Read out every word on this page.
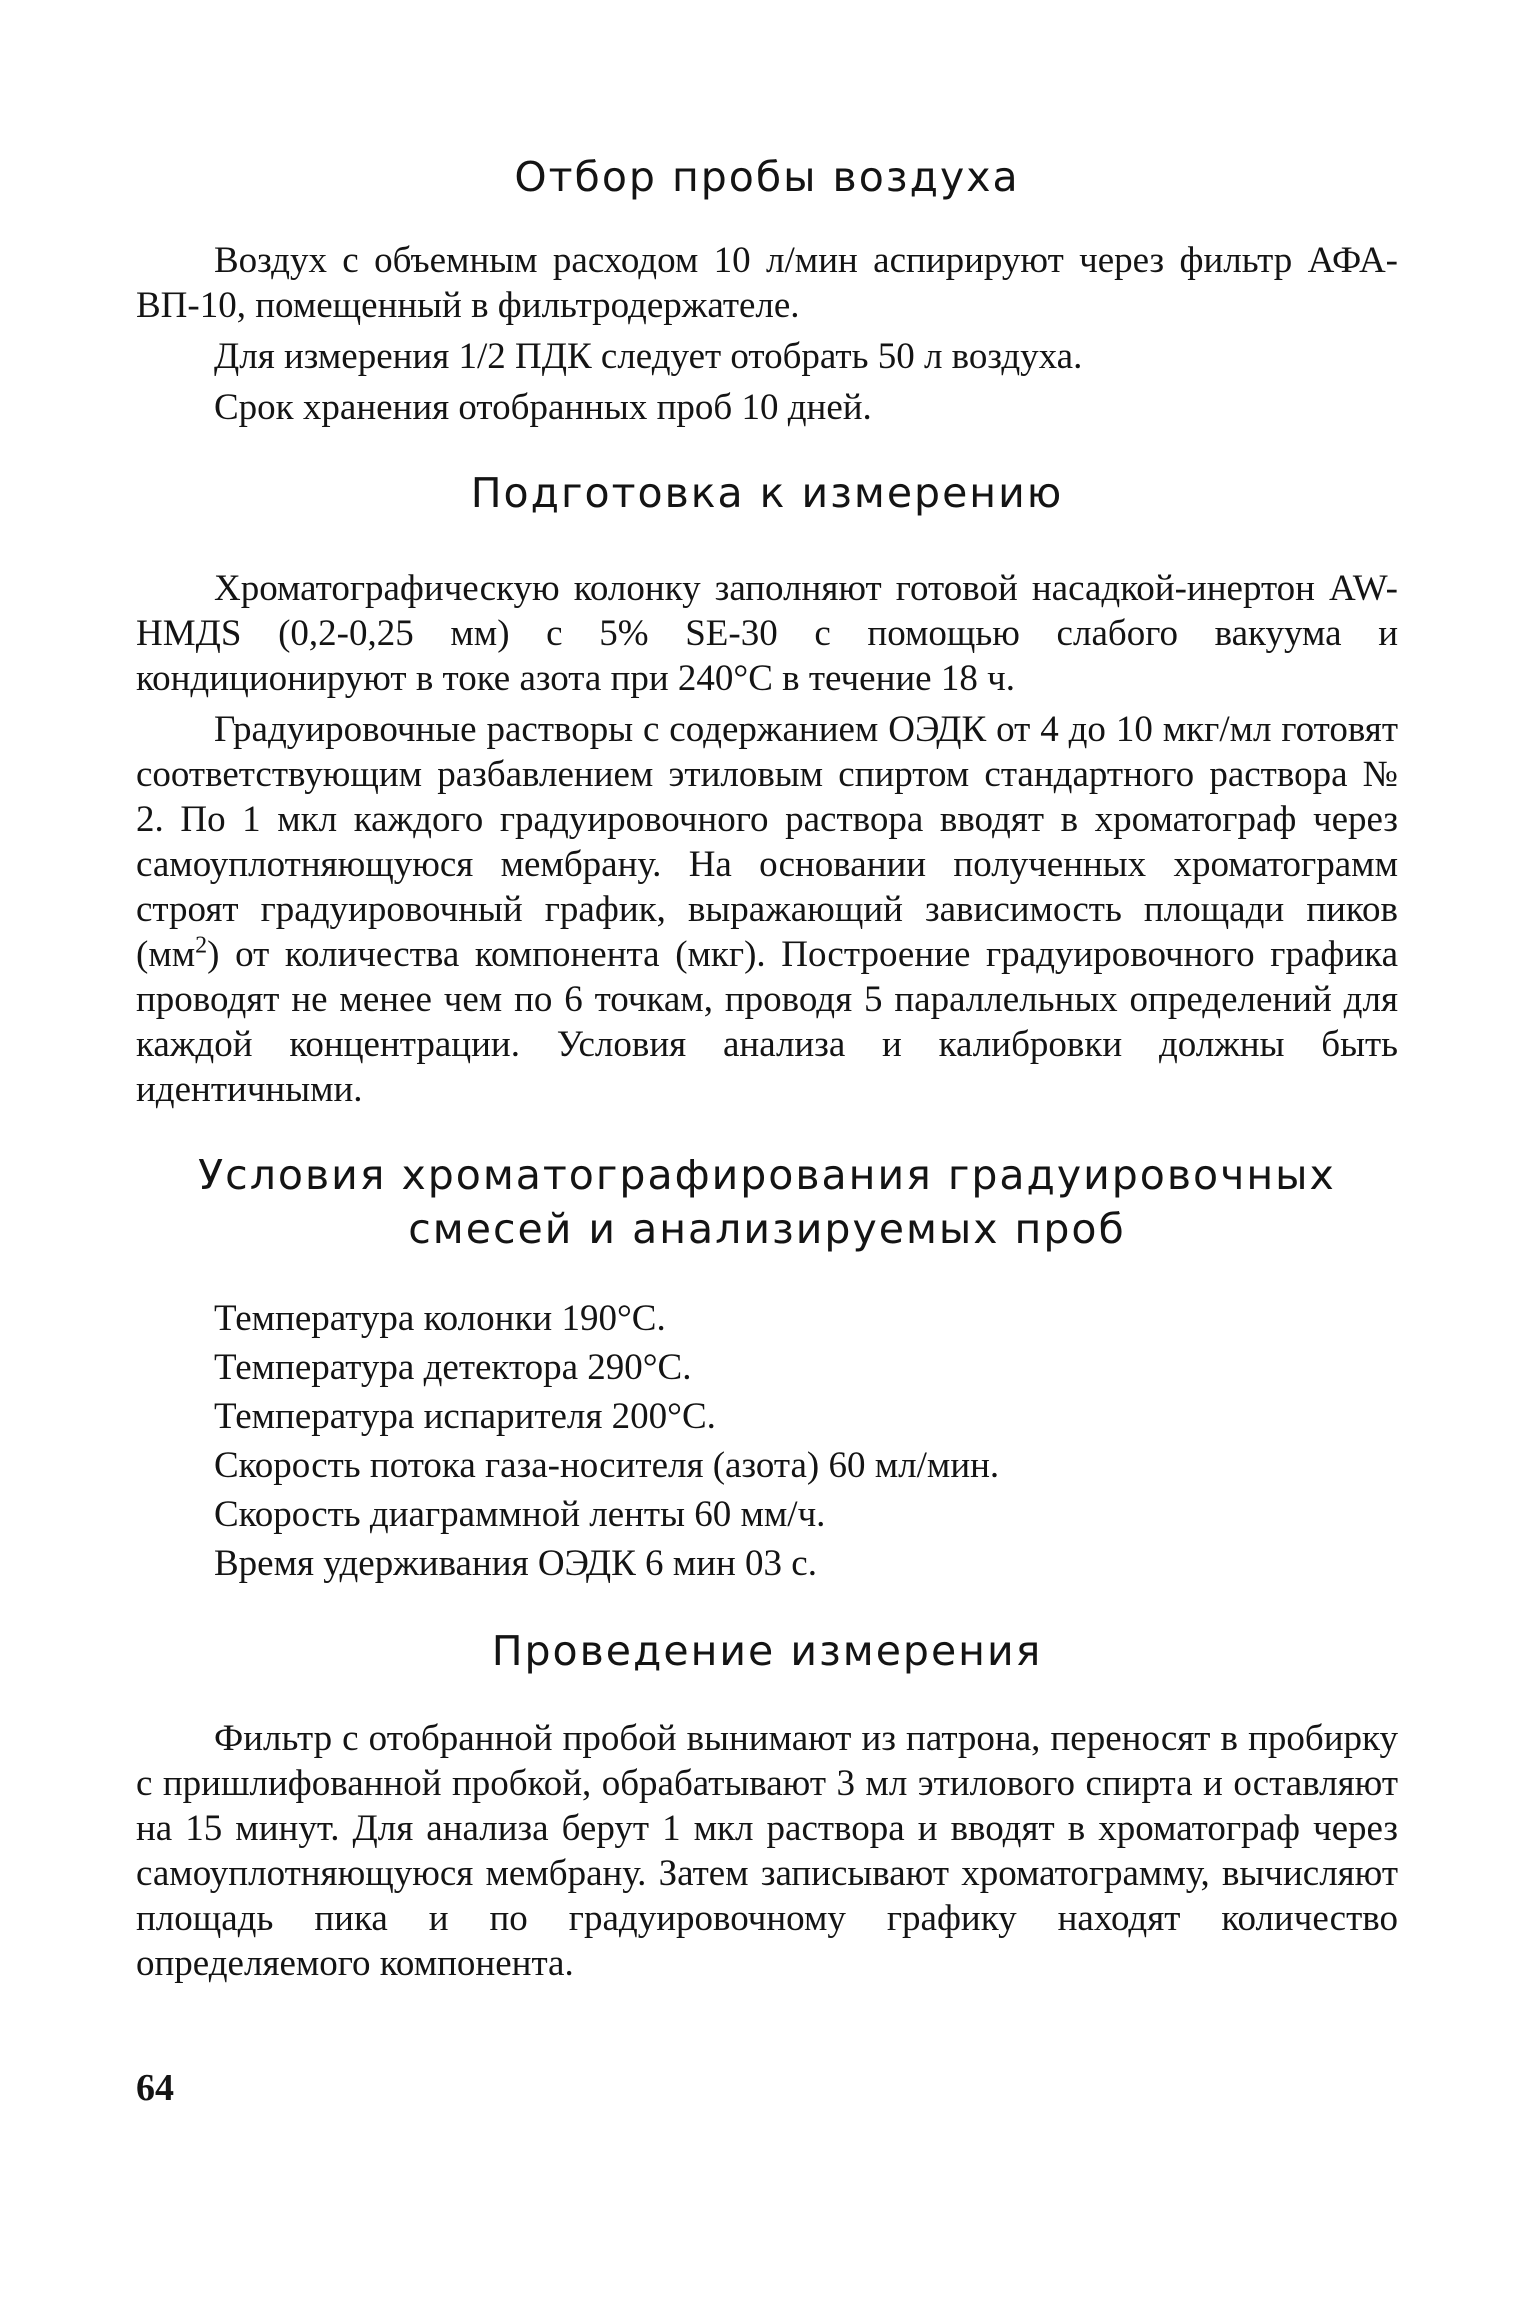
Отбор пробы воздуха

Воздух с объемным расходом 10 л/мин аспирируют через фильтр АФА-ВП-10, помещенный в фильтродержателе.

Для измерения 1/2 ПДК следует отобрать 50 л воздуха.

Срок хранения отобранных проб 10 дней.

Подготовка к измерению

Хроматографическую колонку заполняют готовой насадкой-инертон AW-HMДS (0,2-0,25 мм) с 5% SE-30 с помощью слабого вакуума и кондиционируют в токе азота при 240°С в течение 18 ч.

Градуировочные растворы с содержанием ОЭДК от 4 до 10 мкг/мл готовят соответствующим разбавлением этиловым спиртом стандартного раствора № 2. По 1 мкл каждого градуировочного раствора вводят в хроматограф через самоуплотняющуюся мембрану. На основании полученных хроматограмм строят градуировочный график, выражающий зависимость площади пиков $(мм^2)$ от количества компонента (мкг). Построение градуировочного графика проводят не менее чем по 6 точкам, проводя 5 параллельных определений для каждой концентрации. Условия анализа и калибровки должны быть идентичными.

Условия хроматографирования градуировочных
смесей и анализируемых проб
Температура колонки 190°С.
Температура детектора 290°С.
Температура испарителя 200°С.
Скорость потока газа-носителя (азота) 60 мл/мин.
Скорость диаграммной ленты 60 мм/ч.
Время удерживания ОЭДК 6 мин 03 с.
Проведение измерения

Фильтр с отобранной пробой вынимают из патрона, переносят в пробирку с пришлифованной пробкой, обрабатывают 3 мл этилового спирта и оставляют на 15 минут. Для анализа берут 1 мкл раствора и вводят в хроматограф через самоуплотняющуюся мембрану. Затем записывают хроматограмму, вычисляют площадь пика и по градуировочному графику находят количество определяемого компонента.

64
